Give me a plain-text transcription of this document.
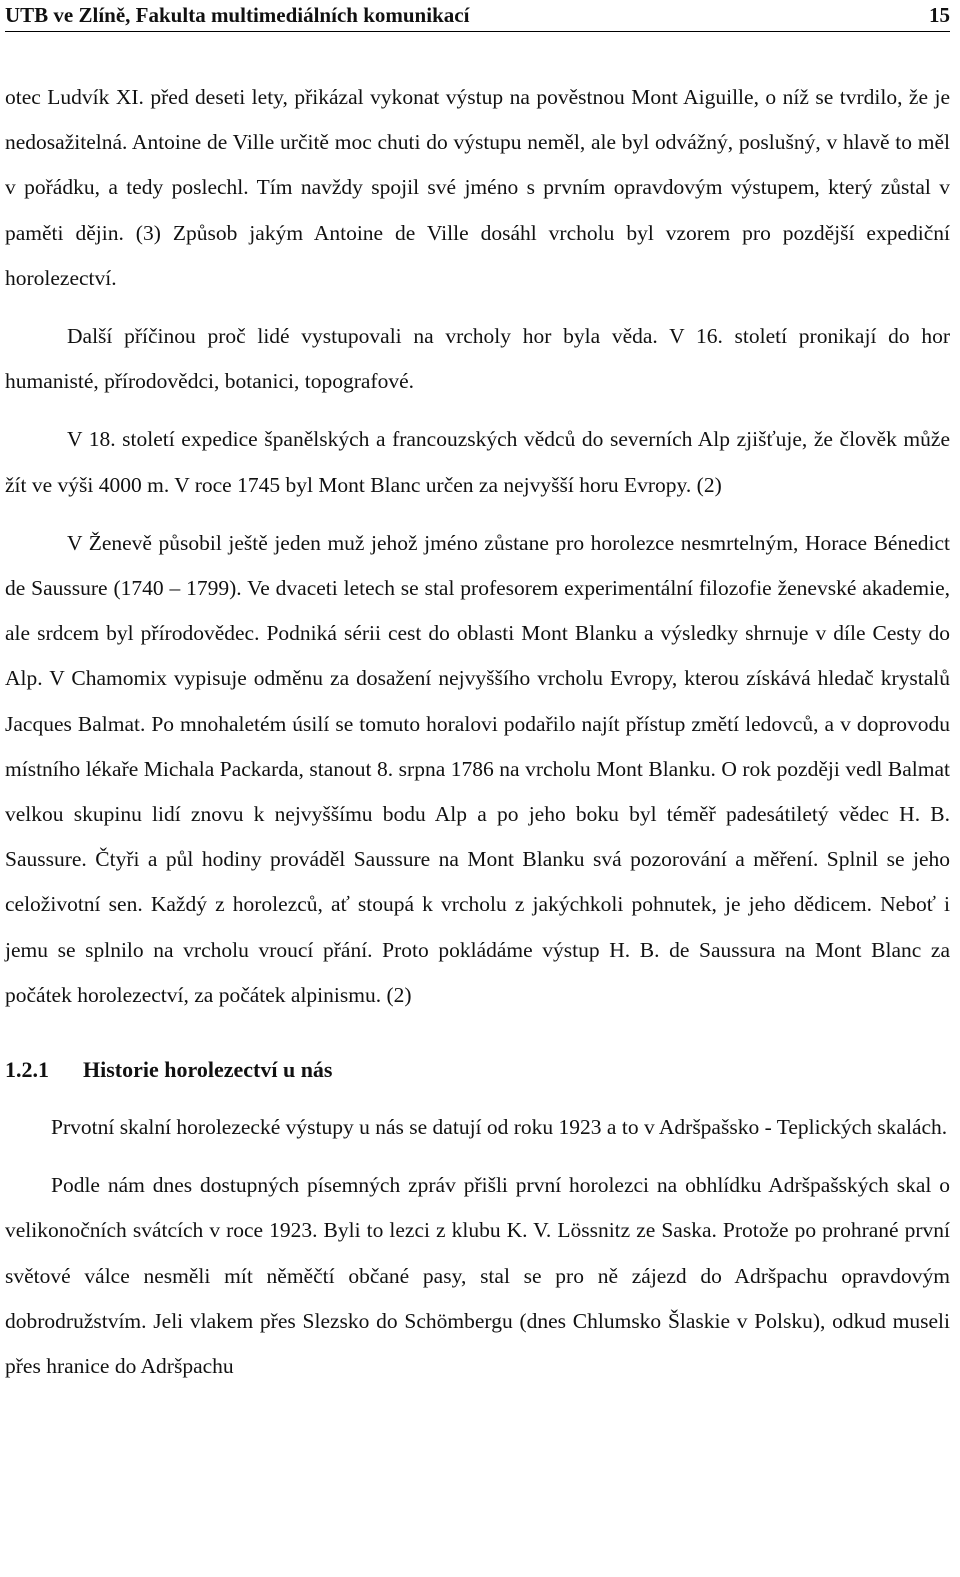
UTB ve Zlíně, Fakulta multimediálních komunikací	15

otec Ludvík XI. před deseti lety, přikázal vykonat výstup na pověstnou Mont Aiguille, o níž se tvrdilo, že je nedosažitelná. Antoine de Ville určitě moc chuti do výstupu neměl, ale byl odvážný, poslušný, v hlavě to měl v pořádku, a tedy poslechl. Tím navždy spojil své jméno s prvním opravdovým výstupem, který zůstal v paměti dějin. (3) Způsob jakým Antoine de Ville dosáhl vrcholu byl vzorem pro pozdější expediční horolezectví.

Další příčinou proč lidé vystupovali na vrcholy hor byla věda. V 16. století pronikají do hor humanisté, přírodovědci, botanici, topografové.

V 18. století expedice španělských a francouzských vědců do severních Alp zjišťuje, že člověk může žít ve výši 4000 m. V roce 1745 byl Mont Blanc určen za nejvyšší horu Evropy. (2)

V Ženevě působil ještě jeden muž jehož jméno zůstane pro horolezce nesmrtelným, Horace Bénedict de Saussure (1740 – 1799). Ve dvaceti letech se stal profesorem experimentální filozofie ženevské akademie, ale srdcem byl přírodovědec. Podniká sérii cest do oblasti Mont Blanku a výsledky shrnuje v díle Cesty do Alp. V Chamomix vypisuje odměnu za dosažení nejvyššího vrcholu Evropy, kterou získává hledač krystalů Jacques Balmat. Po mnohaletém úsilí se tomuto horalovi podařilo najít přístup změtí ledovců, a v doprovodu místního lékaře Michala Packarda, stanout 8. srpna 1786 na vrcholu Mont Blanku. O rok později vedl Balmat velkou skupinu lidí znovu k nejvyššímu bodu Alp a po jeho boku byl téměř padesátiletý vědec H. B. Saussure. Čtyři a půl hodiny prováděl Saussure na Mont Blanku svá pozorování a měření. Splnil se jeho celoživotní sen. Každý z horolezců, ať stoupá k vrcholu z jakýchkoli pohnutek, je jeho dědicem. Neboť i jemu se splnilo na vrcholu vroucí přání. Proto pokládáme výstup H. B. de Saussura na Mont Blanc za počátek horolezectví, za počátek alpinismu. (2)

1.2.1 Historie horolezectví u nás

Prvotní skalní horolezecké výstupy u nás se datují od roku 1923 a to v Adršpašsko - Teplických skalách.

Podle nám dnes dostupných písemných zpráv přišli první horolezci na obhlídku Adršpašských skal o velikonočních svátcích v roce 1923. Byli to lezci z klubu K. V. Lössnitz ze Saska. Protože po prohrané první světové válce nesměli mít něměčtí občané pasy, stal se pro ně zájezd do Adršpachu opravdovým dobrodružstvím. Jeli vlakem přes Slezsko do Schömbergu (dnes Chlumsko Šlaskie v Polsku), odkud museli přes hranice do Adršpachu
